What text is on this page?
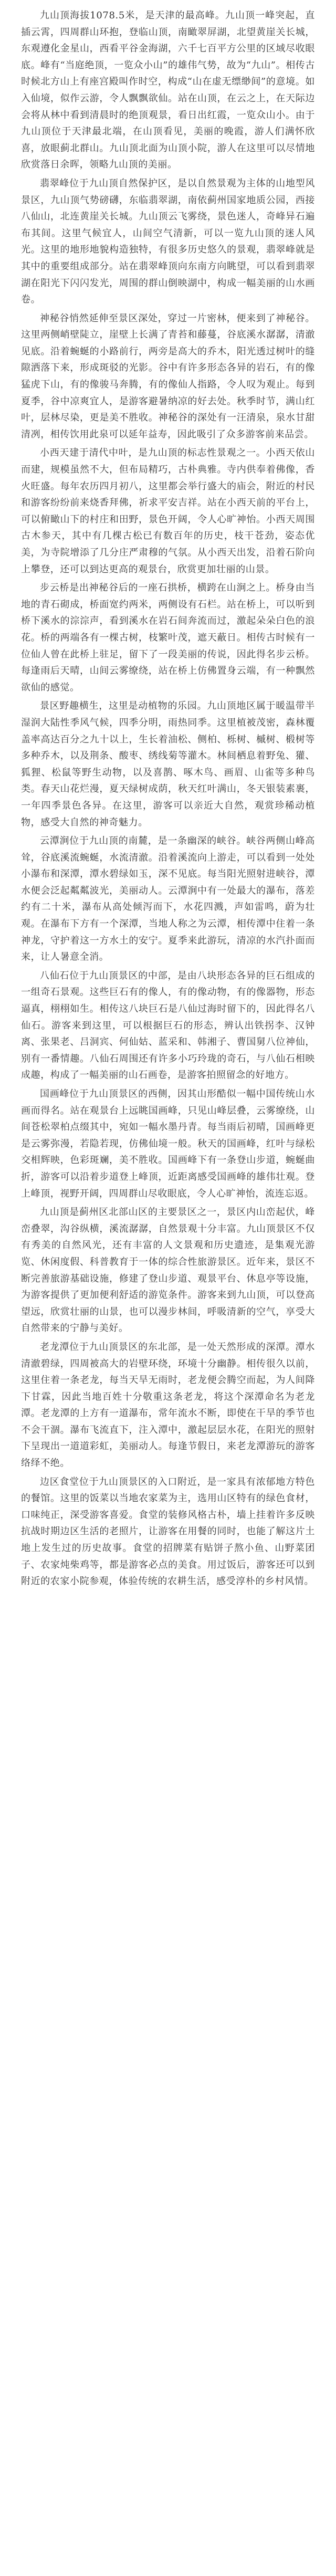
九山顶海拔1078.5米，是天津的最高峰。九山顶一峰突起，直插云霄，四周群山环抱，登临山顶，南瞰翠屏湖，北望黄崖关长城，东观遵化金星山，西看平谷金海湖，六千七百平方公里的区域尽收眼底。峰有“当庭绝顶，一览众小山”的雄伟气势，故为“九山”。相传古时候北方山上有座宫殿叫作时空，构成“山在虚无缥缈间”的意境。如入仙境，似作云游，令人飘飘欲仙。站在山顶，在云之上，在天际边会将从林中看到清晨时的绝顶观景，看日出红霞，一览众山小。由于九山顶位于天津最北端，在山顶看见，美丽的晚霞，游人们满怀欣喜，放眼蓟北群山。九山顶北面为山顶小院，游人在这里可以尽情地欣赏落日余晖，领略九山顶的美丽。

翡翠峰位于九山顶自然保护区，是以自然景观为主体的山地型风景区，九山顶气势磅礴，东临翡翠湖，南依蓟州国家地质公园，西接八仙山，北连黄崖关长城。九山顶云飞雾绕，景色迷人，奇峰异石遍布其间。这里气候宜人，山间空气清新，可以一览九山顶的迷人风光。这里的地形地貌构造独特，有很多历史悠久的景观，翡翠峰就是其中的重要组成部分。站在翡翠峰顶向东南方向眺望，可以看到翡翠湖在阳光下闪闪发光，周围的群山倒映湖中，构成一幅美丽的山水画卷。

神秘谷悄然延伸至景区深处，穿过一片密林，便来到了神秘谷。这里两侧峭壁陡立，崖壁上长满了青苔和藤蔓，谷底溪水潺潺，清澈见底。沿着蜿蜒的小路前行，两旁是高大的乔木，阳光透过树叶的缝隙洒落下来，形成斑驳的光影。谷中有许多形态各异的岩石，有的像猛虎下山，有的像骏马奔腾，有的像仙人指路，令人叹为观止。每到夏季，谷中凉爽宜人，是游客避暑纳凉的好去处。秋季时节，满山红叶，层林尽染，更是美不胜收。神秘谷的深处有一汪清泉，泉水甘甜清冽，相传饮用此泉可以延年益寿，因此吸引了众多游客前来品尝。

小西天建于清代中叶，是九山顶的标志性景观之一。小西天依山而建，规模虽然不大，但布局精巧，古朴典雅。寺内供奉着佛像，香火旺盛。每年农历四月初八，这里都会举行盛大的庙会，附近的村民和游客纷纷前来烧香拜佛，祈求平安吉祥。站在小西天前的平台上，可以俯瞰山下的村庄和田野，景色开阔，令人心旷神怡。小西天周围古木参天，其中有几棵古松已有数百年的历史，枝干苍劲，姿态优美，为寺院增添了几分庄严肃穆的气氛。从小西天出发，沿着石阶向上攀登，还可以到达更高的观景台，欣赏更加壮丽的山景。

步云桥是出神秘谷后的一座石拱桥，横跨在山涧之上。桥身由当地的青石砌成，桥面宽约两米，两侧设有石栏。站在桥上，可以听到桥下溪水的淙淙声，看到溪水在岩石间奔流而过，激起朵朵白色的浪花。桥的两端各有一棵古树，枝繁叶茂，遮天蔽日。相传古时候有一位仙人曾在此桥上驻足，留下了一段美丽的传说，因此得名步云桥。每逢雨后天晴，山间云雾缭绕，站在桥上仿佛置身云端，有一种飘然欲仙的感觉。

景区野趣横生，这里是动植物的乐园。九山顶地区属于暖温带半湿润大陆性季风气候，四季分明，雨热同季。这里植被茂密，森林覆盖率高达百分之九十以上，生长着油松、侧柏、栎树、槭树、椴树等多种乔木，以及荆条、酸枣、绣线菊等灌木。林间栖息着野兔、獾、狐狸、松鼠等野生动物，以及喜鹊、啄木鸟、画眉、山雀等多种鸟类。春天山花烂漫，夏天绿树成荫，秋天红叶满山，冬天银装素裹，一年四季景色各异。在这里，游客可以亲近大自然，观赏珍稀动植物，感受大自然的神奇魅力。

云潭涧位于九山顶的南麓，是一条幽深的峡谷。峡谷两侧山峰高耸，谷底溪流蜿蜒，水流清澈。沿着溪流向上游走，可以看到一处处小瀑布和深潭，潭水碧绿如玉，深不见底。每当阳光照射进峡谷，潭水便会泛起粼粼波光，美丽动人。云潭涧中有一处最大的瀑布，落差约有二十米，瀑布从高处倾泻而下，水花四溅，声如雷鸣，蔚为壮观。在瀑布下方有一个深潭，当地人称之为云潭，相传潭中住着一条神龙，守护着这一方水土的安宁。夏季来此游玩，清凉的水汽扑面而来，让人暑意全消。

八仙石位于九山顶景区的中部，是由八块形态各异的巨石组成的一组奇石景观。这些巨石有的像人，有的像动物，有的像器物，形态逼真，栩栩如生。相传这八块巨石是八仙过海时留下的，因此得名八仙石。游客来到这里，可以根据巨石的形态，辨认出铁拐李、汉钟离、张果老、吕洞宾、何仙姑、蓝采和、韩湘子、曹国舅八位神仙，别有一番情趣。八仙石周围还有许多小巧玲珑的奇石，与八仙石相映成趣，构成了一幅美丽的山石画卷，是游客拍照留念的好地方。

国画峰位于九山顶景区的西侧，因其山形酷似一幅中国传统山水画而得名。站在观景台上远眺国画峰，只见山峰层叠，云雾缭绕，山间苍松翠柏点缀其中，宛如一幅水墨丹青。每当雨后初晴，国画峰更是云雾弥漫，若隐若现，仿佛仙境一般。秋天的国画峰，红叶与绿松交相辉映，色彩斑斓，美不胜收。国画峰下有一条登山步道，蜿蜒曲折，游客可以沿着步道登上峰顶，近距离感受国画峰的雄伟壮观。登上峰顶，视野开阔，四周群山尽收眼底，令人心旷神怡，流连忘返。

九山顶是蓟州区北部山区的主要景区之一，景区内山峦起伏，峰峦叠翠，沟谷纵横，溪流潺潺，自然景观十分丰富。九山顶景区不仅有秀美的自然风光，还有丰富的人文景观和历史遗迹，是集观光游览、休闲度假、科普教育于一体的综合性旅游景区。近年来，景区不断完善旅游基础设施，修建了登山步道、观景平台、休息亭等设施，为游客提供了更加便利舒适的游览条件。游客来到九山顶，可以登高望远，欣赏壮丽的山景，也可以漫步林间，呼吸清新的空气，享受大自然带来的宁静与美好。

老龙潭位于九山顶景区的东北部，是一处天然形成的深潭。潭水清澈碧绿，四周被高大的岩壁环绕，环境十分幽静。相传很久以前，这里住着一条老龙，每当天旱无雨时，老龙便会腾空而起，为人间降下甘霖，因此当地百姓十分敬重这条老龙，将这个深潭命名为老龙潭。老龙潭的上方有一道瀑布，常年流水不断，即使在干旱的季节也不会干涸。瀑布飞流直下，注入潭中，激起层层水花，在阳光的照射下呈现出一道道彩虹，美丽动人。每逢节假日，来老龙潭游玩的游客络绎不绝。

边区食堂位于九山顶景区的入口附近，是一家具有浓郁地方特色的餐馆。这里的饭菜以当地农家菜为主，选用山区特有的绿色食材，口味纯正，深受游客喜爱。食堂的装修风格古朴，墙上挂着许多反映抗战时期边区生活的老照片，让游客在用餐的同时，也能了解这片土地上发生过的历史故事。食堂的招牌菜有贴饼子熬小鱼、山野菜团子、农家炖柴鸡等，都是游客必点的美食。用过饭后，游客还可以到附近的农家小院参观，体验传统的农耕生活，感受淳朴的乡村风情。
